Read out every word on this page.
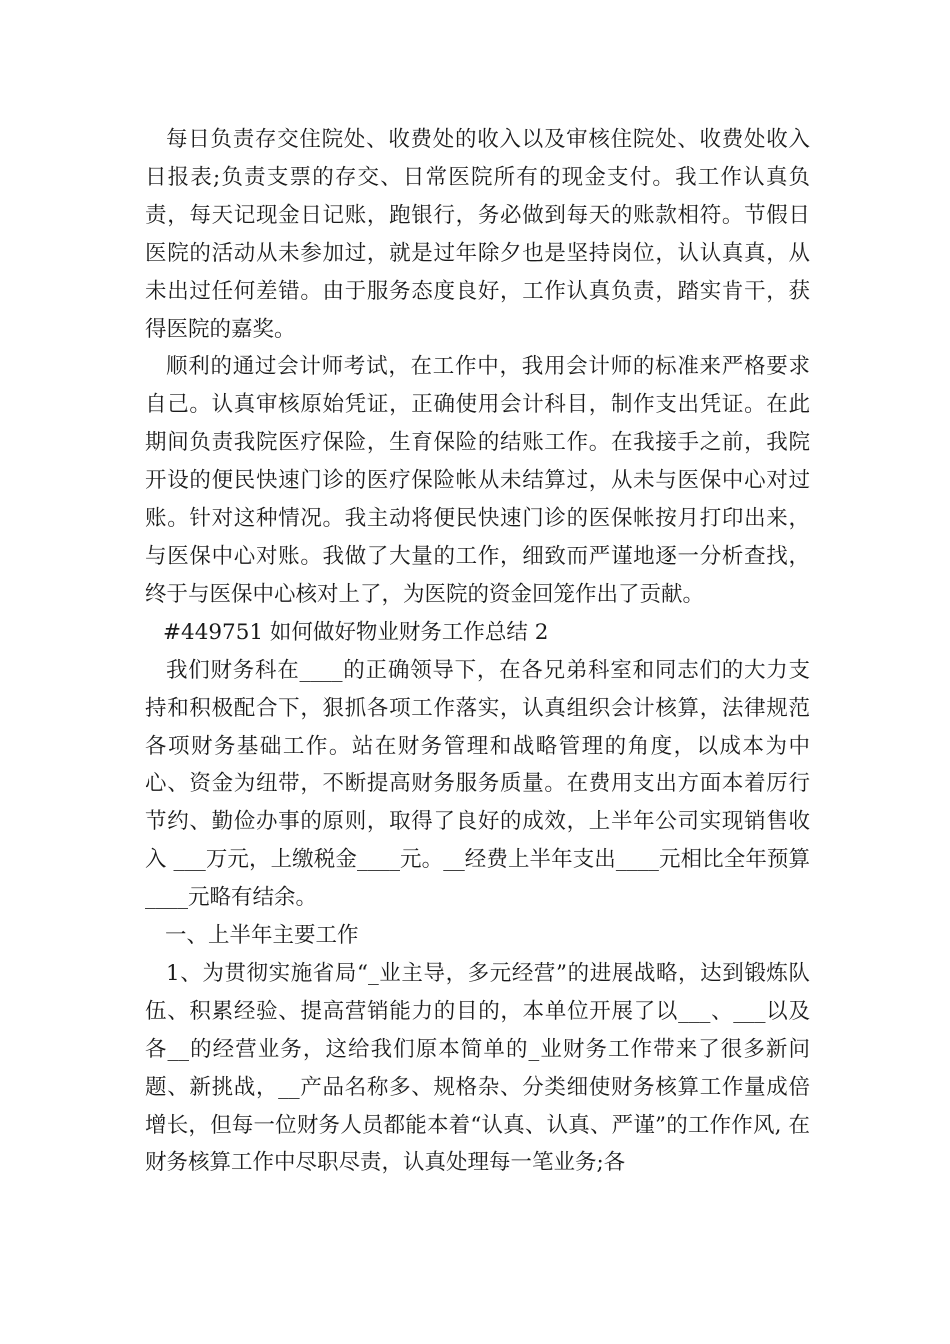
每日负责存交住院处、收费处的收入以及审核住院处、收费处收入日报表;负责支票的存交、日常医院所有的现金支付。我工作认真负责，每天记现金日记账，跑银行，务必做到每天的账款相符。节假日医院的活动从未参加过，就是过年除夕也是坚持岗位，认认真真，从未出过任何差错。由于服务态度良好，工作认真负责，踏实肯干，获得医院的嘉奖。

顺利的通过会计师考试，在工作中，我用会计师的标准来严格要求自己。认真审核原始凭证，正确使用会计科目，制作支出凭证。在此期间负责我院医疗保险，生育保险的结账工作。在我接手之前，我院开设的便民快速门诊的医疗保险帐从未结算过，从未与医保中心对过账。针对这种情况。我主动将便民快速门诊的医保帐按月打印出来，与医保中心对账。我做了大量的工作，细致而严谨地逐一分析查找，终于与医保中心核对上了，为医院的资金回笼作出了贡献。

#449751 如何做好物业财务工作总结 2

我们财务科在____的正确领导下，在各兄弟科室和同志们的大力支持和积极配合下，狠抓各项工作落实，认真组织会计核算，法律规范各项财务基础工作。站在财务管理和战略管理的角度，以成本为中心、资金为纽带，不断提高财务服务质量。在费用支出方面本着厉行节约、勤俭办事的原则，取得了良好的成效，上半年公司实现销售收入 ___万元，上缴税金____元。__经费上半年支出____元相比全年预算____元略有结余。

一、上半年主要工作

1、为贯彻实施省局“_业主导，多元经营”的进展战略，达到锻炼队伍、积累经验、提高营销能力的目的，本单位开展了以___、___以及各__的经营业务，这给我们原本简单的_业财务工作带来了很多新问题、新挑战，__产品名称多、规格杂、分类细使财务核算工作量成倍增长，但每一位财务人员都能本着“认真、认真、严谨”的工作作风, 在财务核算工作中尽职尽责，认真处理每一笔业务;各
